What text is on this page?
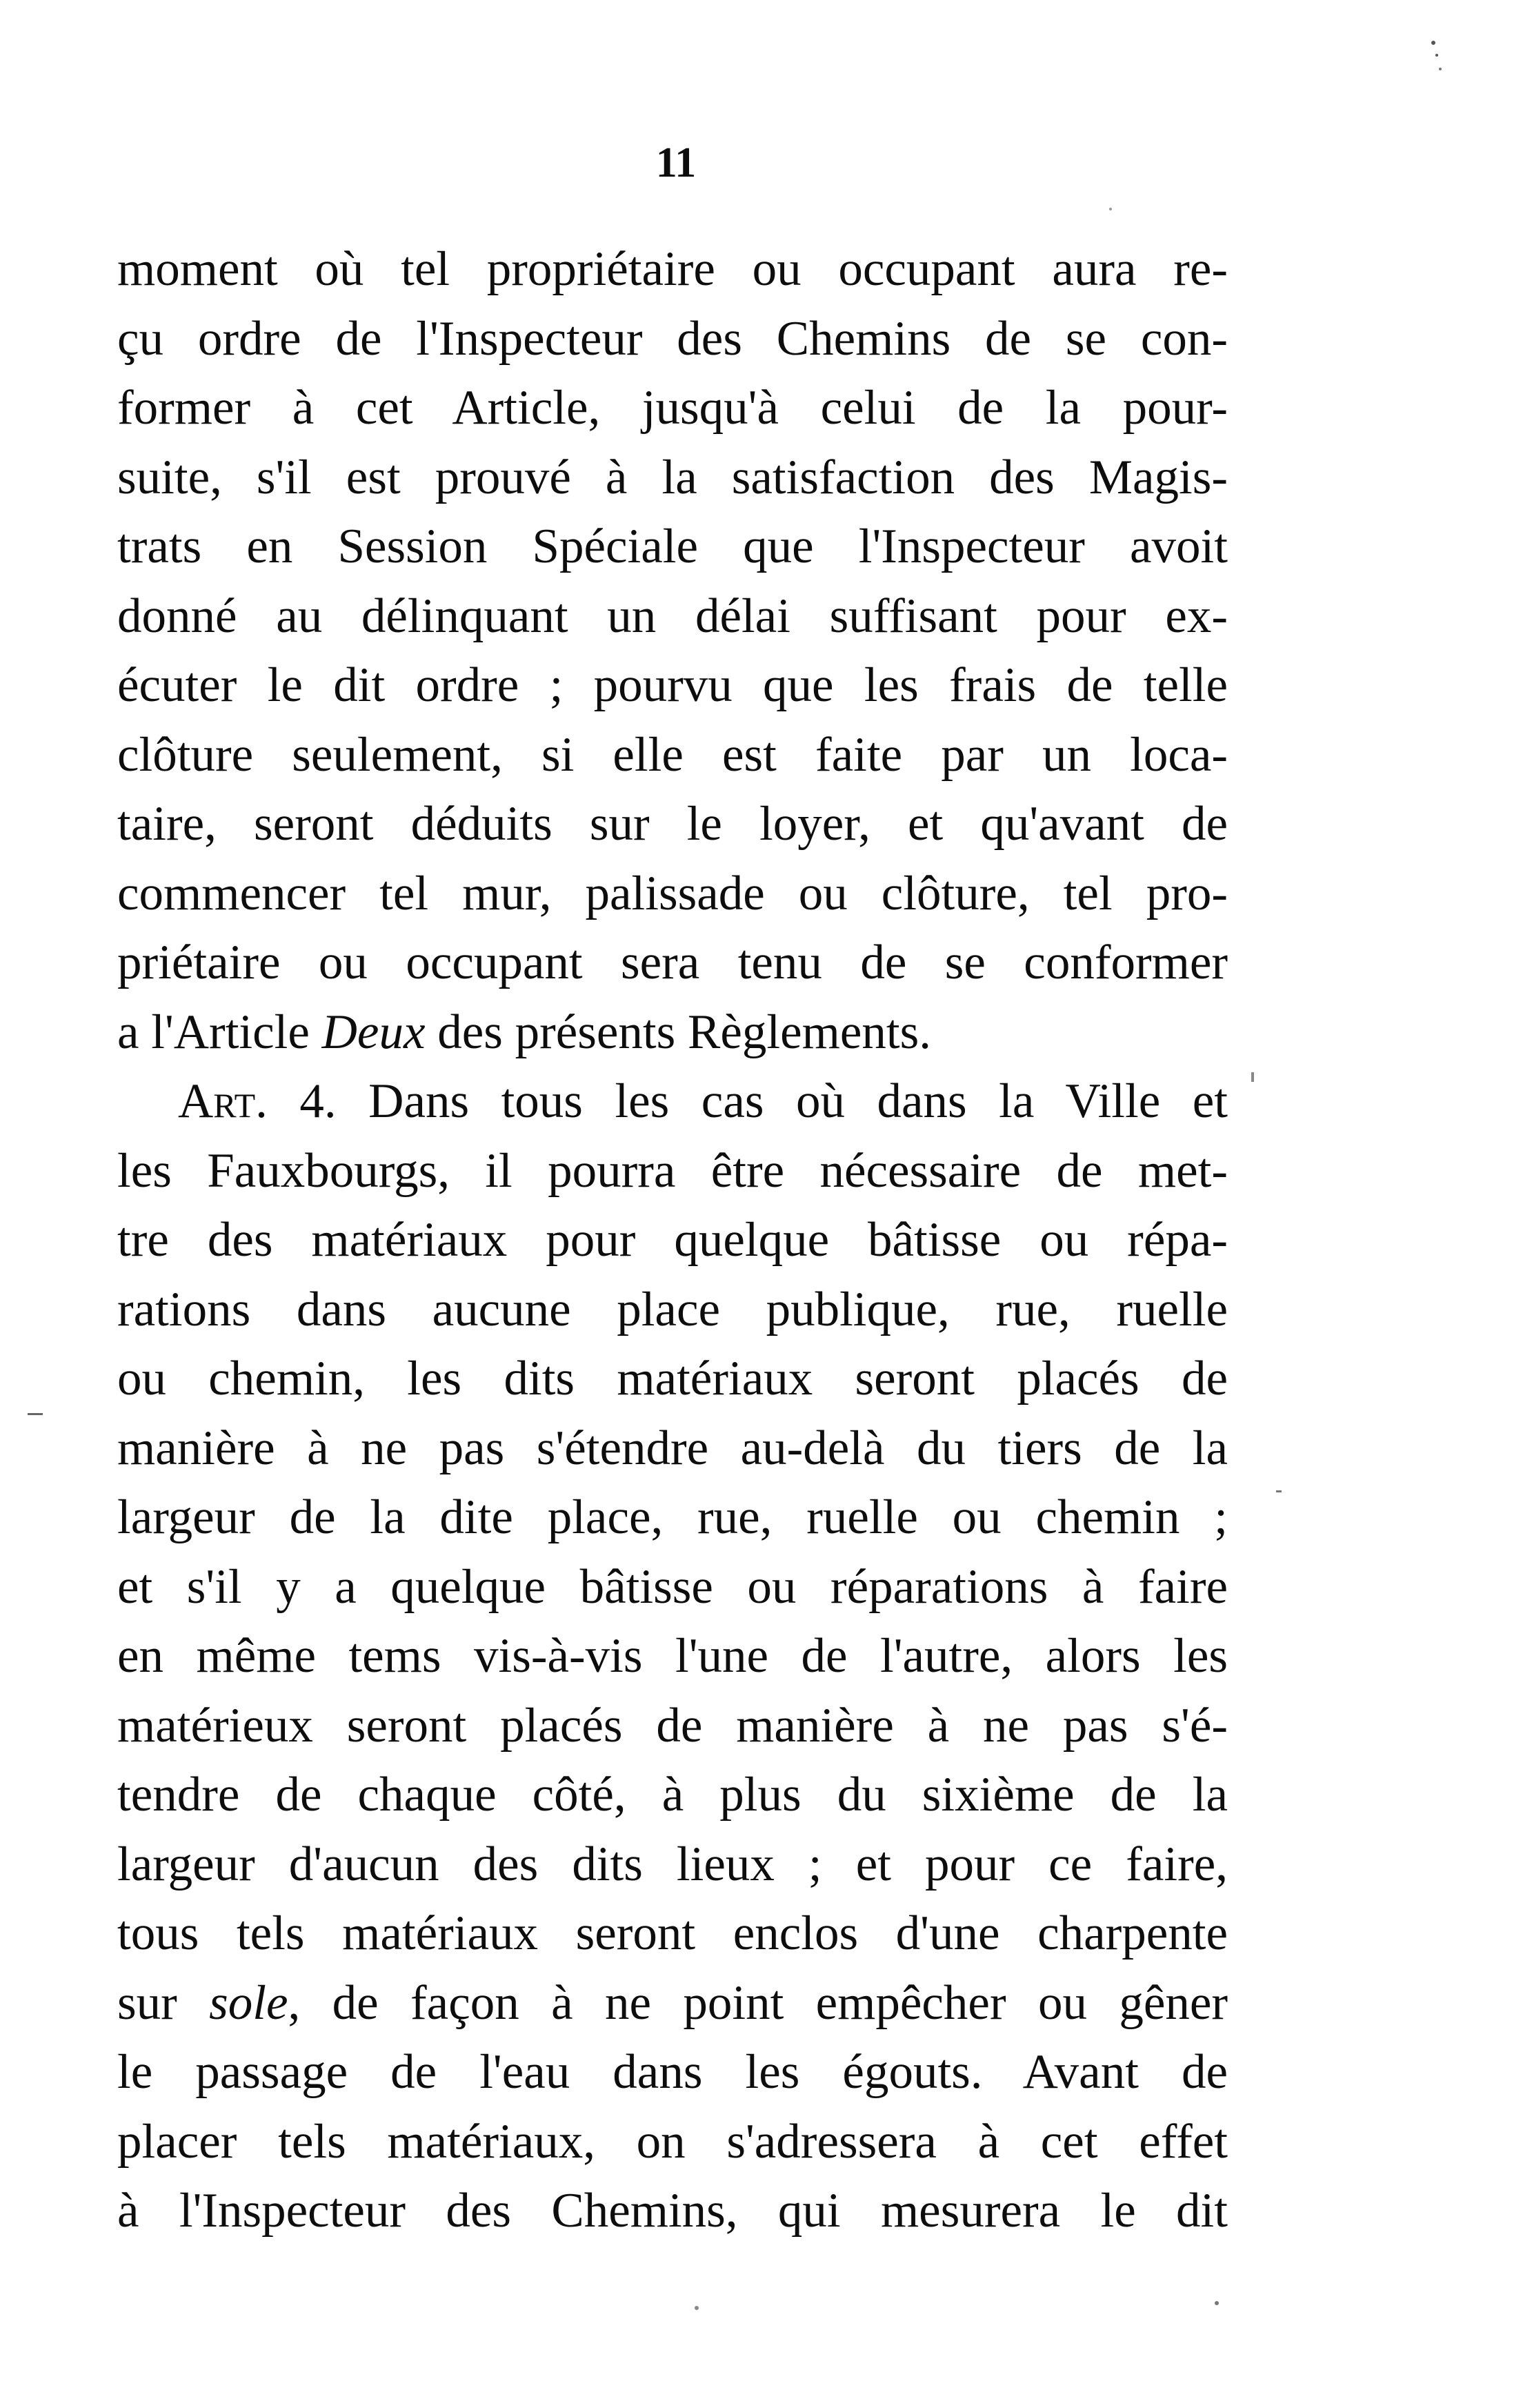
11
moment où tel propriétaire ou occupant aura re-
çu ordre de l'Inspecteur des Chemins de se con-
former à cet Article, jusqu'à celui de la pour-
suite, s'il est prouvé à la satisfaction des Magis-
trats en Session Spéciale que l'Inspecteur avoit
donné au délinquant un délai suffisant pour ex-
écuter le dit ordre ; pourvu que les frais de telle
clôture seulement, si elle est faite par un loca-
taire, seront déduits sur le loyer, et qu'avant de
commencer tel mur, palissade ou clôture, tel pro-
priétaire ou occupant sera tenu de se conformer
a l'Article Deux des présents Règlements.
Art. 4. Dans tous les cas où dans la Ville et
les Fauxbourgs, il pourra être nécessaire de met-
tre des matériaux pour quelque bâtisse ou répa-
rations dans aucune place publique, rue, ruelle
ou chemin, les dits matériaux seront placés de
manière à ne pas s'étendre au-delà du tiers de la
largeur de la dite place, rue, ruelle ou chemin ;
et s'il y a quelque bâtisse ou réparations à faire
en même tems vis-à-vis l'une de l'autre, alors les
matérieux seront placés de manière à ne pas s'é-
tendre de chaque côté, à plus du sixième de la
largeur d'aucun des dits lieux ; et pour ce faire,
tous tels matériaux seront enclos d'une charpente
sur sole, de façon à ne point empêcher ou gêner
le passage de l'eau dans les égouts. Avant de
placer tels matériaux, on s'adressera à cet effet
à l'Inspecteur des Chemins, qui mesurera le dit
